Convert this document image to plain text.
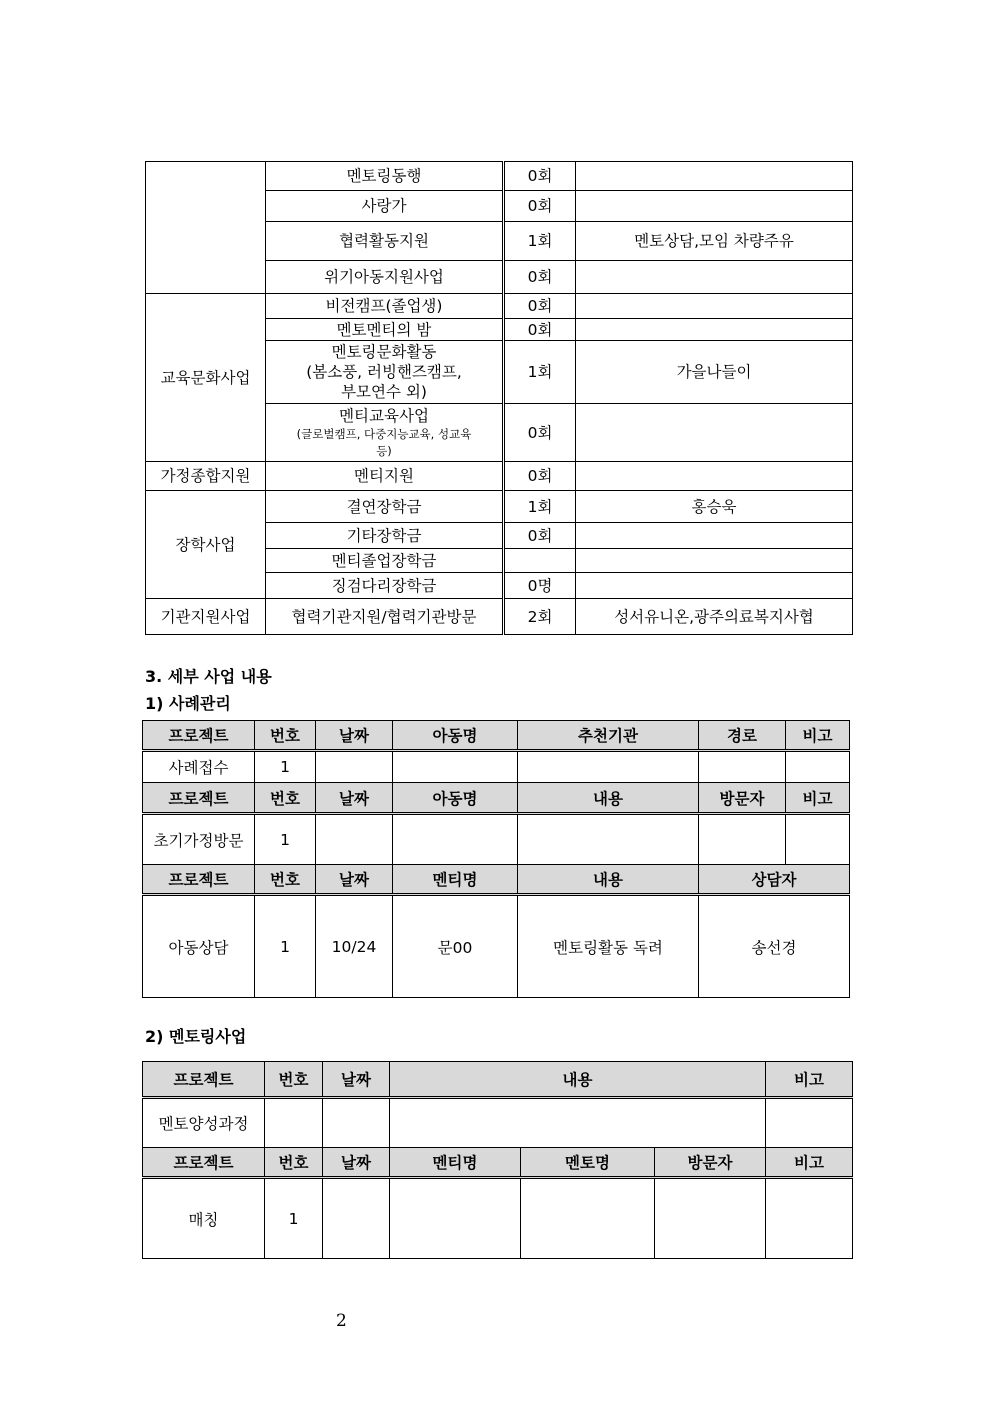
	멘토링동행	0회	
	사랑가	0회	
	협력활동지원	1회	멘토상담,모임 차량주유
	위기아동지원사업	0회	
교육문화사업	비전캠프(졸업생)	0회	
	멘토멘티의 밤	0회	

	멘토링문화활동
(봄소풍, 러빙핸즈캠프,
부모연수 외)	1회	가을나들이

	멘티교육사업
(글로벌캠프, 다중지능교육, 성교육
등)	0회	
가정종합지원	멘티지원	0회	
장학사업	결연장학금	1회	홍승욱
	기타장학금	0회	
	멘티졸업장학금		
	징검다리장학금	0명	
기관지원사업	협력기관지원/협력기관방문	2회	성서유니온,광주의료복지사협
3. 세부 사업 내용
1) 사례관리
프로젝트	번호	날짜	아동명	추천기관	경로	비고
사례접수	1					
프로젝트	번호	날짜	아동명	내용	방문자	비고
초기가정방문	1					
프로젝트	번호	날짜	멘티명	내용	상담자	
아동상담	1	10/24	문00	멘토링활동 독려	송선경	
2) 멘토링사업
프로젝트	번호	날짜	내용			비고
멘토양성과정						
프로젝트	번호	날짜	멘티명	멘토명	방문자	비고
매칭	1					
2
